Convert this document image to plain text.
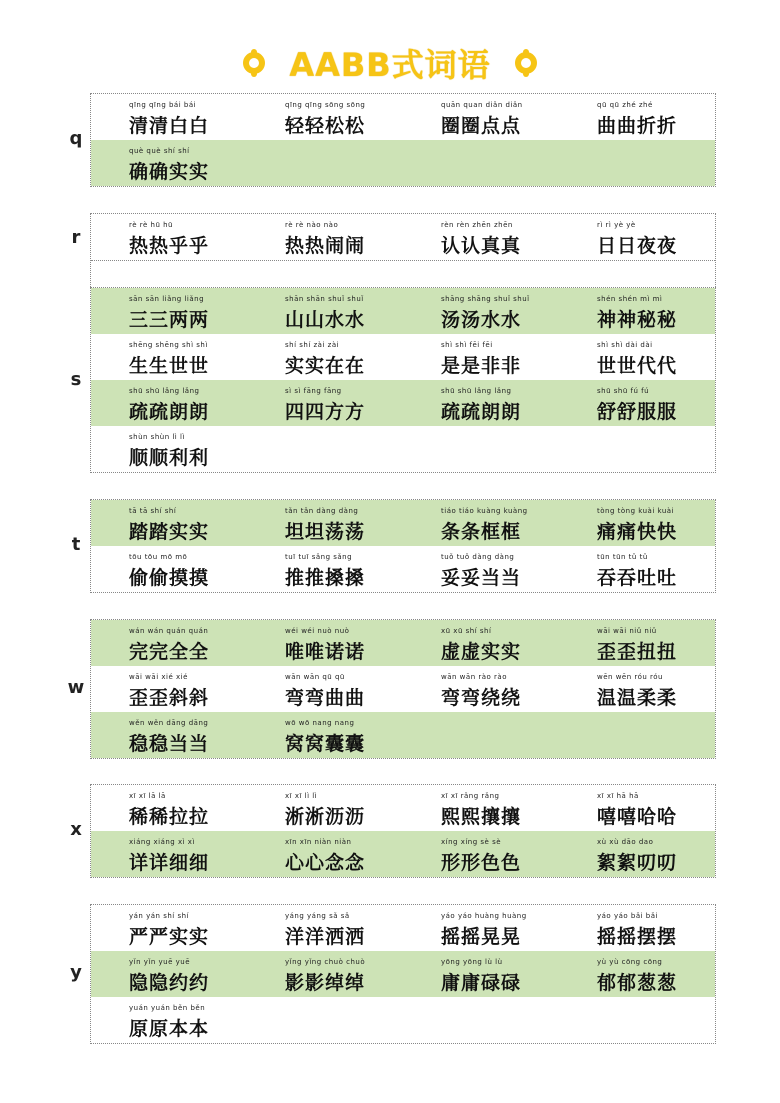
AABB式词语
q
qīng qīng bái bái
清清白白
qīng qīng sōng sōng
轻轻松松
quān quan diǎn diǎn
圈圈点点
qū qū zhé zhé
曲曲折折
què què shí shí
确确实实
r
rè rè hū hū
热热乎乎
rè rè nào nào
热热闹闹
rèn rèn zhēn zhēn
认认真真
rì rì yè yè
日日夜夜
s
sān sān liǎng liǎng
三三两两
shān shān shuǐ shuǐ
山山水水
shāng shāng shuǐ shuǐ
汤汤水水
shén shén mì mì
神神秘秘
shēng shēng shì shì
生生世世
shí shí zài zài
实实在在
shì shì fēi fēi
是是非非
shì shì dài dài
世世代代
shū shū lǎng lǎng
疏疏朗朗
sì sì fāng fāng
四四方方
shū shū lǎng lǎng
疏疏朗朗
shū shū fú fú
舒舒服服
shùn shùn lì lì
顺顺利利
t
tā tā shí shí
踏踏实实
tǎn tǎn dàng dàng
坦坦荡荡
tiáo tiáo kuàng kuàng
条条框框
tòng tòng kuài kuài
痛痛快快
tōu tōu mō mō
偷偷摸摸
tuī tuī sǎng sǎng
推推搡搡
tuǒ tuǒ dàng dàng
妥妥当当
tūn tūn tǔ tǔ
吞吞吐吐
w
wán wán quán quán
完完全全
wéi wéi nuò nuò
唯唯诺诺
xū xū shí shí
虚虚实实
wāi wāi niǔ niǔ
歪歪扭扭
wāi wāi xié xié
歪歪斜斜
wān wān qū qū
弯弯曲曲
wān wān rào rào
弯弯绕绕
wēn wēn róu róu
温温柔柔
wěn wěn dāng dāng
稳稳当当
wō wō nang nang
窝窝囊囊
x
xī xī lā lā
稀稀拉拉
xī xī lì lì
淅淅沥沥
xī xī rǎng rǎng
熙熙攘攘
xī xī hā hā
嘻嘻哈哈
xiáng xiáng xì xì
详详细细
xīn xīn niàn niàn
心心念念
xíng xíng sè sè
形形色色
xù xù dāo dao
絮絮叨叨
y
yán yán shí shí
严严实实
yáng yáng sǎ sǎ
洋洋洒洒
yáo yáo huàng huàng
摇摇晃晃
yáo yáo bǎi bǎi
摇摇摆摆
yǐn yǐn yuē yuē
隐隐约约
yǐng yǐng chuò chuò
影影绰绰
yōng yōng lù lù
庸庸碌碌
yù yù cōng cōng
郁郁葱葱
yuán yuán běn běn
原原本本
